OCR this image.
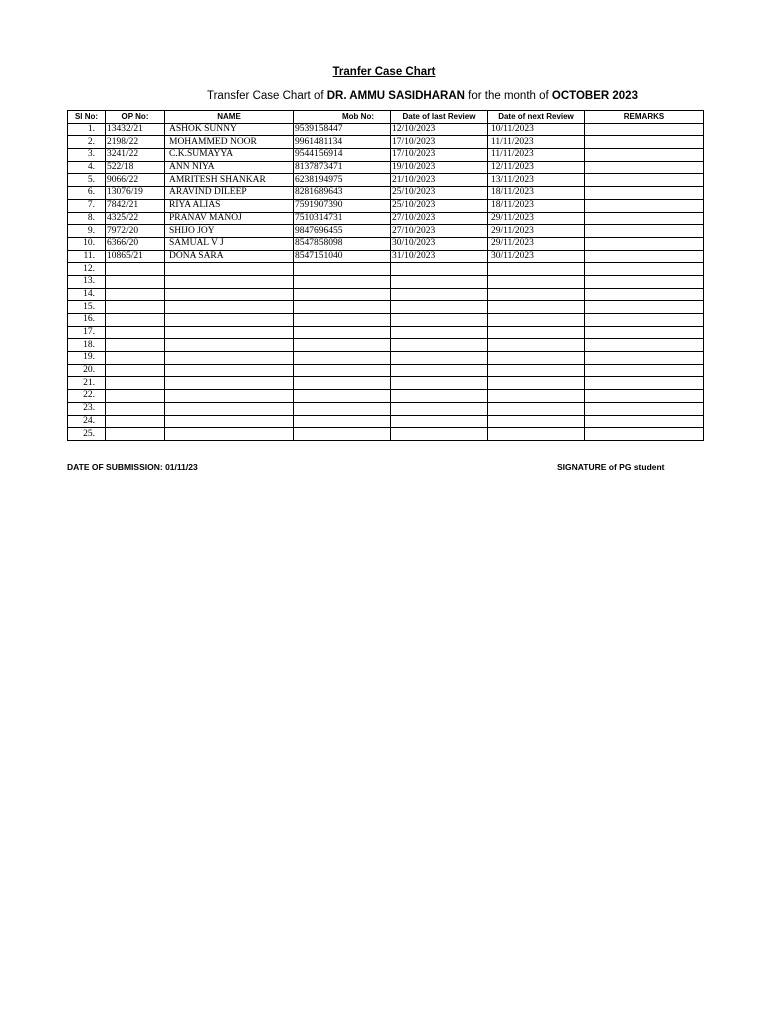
Tranfer Case Chart
Transfer Case Chart of DR. AMMU SASIDHARAN for the month of OCTOBER 2023
Sl No:	OP No:	NAME	Mob No:	Date of last Review	Date of next Review	REMARKS
1.	13432/21	ASHOK SUNNY	9539158447	12/10/2023	10/11/2023	
2.	2198/22	MOHAMMED NOOR	9961481134	17/10/2023	11/11/2023	
3.	3241/22	C.K.SUMAYYA	9544156914	17/10/2023	11/11/2023	
4.	522/18	ANN NIYA	8137873471	19/10/2023	12/11/2023	
5.	9066/22	AMRITESH SHANKAR	6238194975	21/10/2023	13/11/2023	
6.	13076/19	ARAVIND DILEEP	8281689643	25/10/2023	18/11/2023	
7.	7842/21	RIYA ALIAS	7591907390	25/10/2023	18/11/2023	
8.	4325/22	PRANAV MANOJ	7510314731	27/10/2023	29/11/2023	
9.	7972/20	SHIJO JOY	9847696455	27/10/2023	29/11/2023	
10.	6366/20	SAMUAL V J	8547858098	30/10/2023	29/11/2023	
11.	10865/21	DONA SARA	8547151040	31/10/2023	30/11/2023	
12.						
13.						
14.						
15.						
16.						
17.						
18.						
19.						
20.						
21.						
22.						
23.						
24.						
25.						
DATE OF SUBMISSION: 01/11/23	SIGNATURE of PG student
